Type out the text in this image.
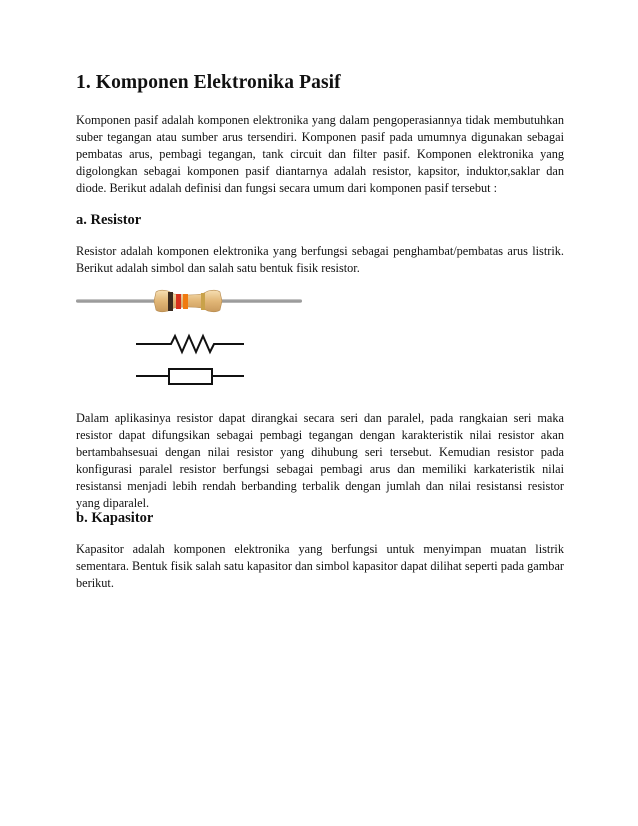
1. Komponen Elektronika Pasif

Komponen pasif adalah komponen elektronika yang dalam pengoperasiannya tidak membutuhkan suber tegangan atau sumber arus tersendiri. Komponen pasif pada umumnya digunakan sebagai pembatas arus, pembagi tegangan, tank circuit dan filter pasif. Komponen elektronika yang digolongkan sebagai komponen pasif diantarnya adalah resistor, kapsitor, induktor,saklar dan diode. Berikut adalah definisi dan fungsi secara umum dari komponen pasif tersebut :

a. Resistor

Resistor adalah komponen elektronika yang berfungsi sebagai penghambat/pembatas arus listrik. Berikut adalah simbol dan salah satu bentuk fisik resistor.

Dalam aplikasinya resistor dapat dirangkai secara seri dan paralel, pada rangkaian seri maka resistor dapat difungsikan sebagai pembagi tegangan dengan karakteristik nilai resistor akan bertambahsesuai dengan nilai resistor yang dihubung seri tersebut. Kemudian resistor pada konfigurasi paralel resistor berfungsi sebagai pembagi arus dan memiliki karkateristik nilai resistansi menjadi lebih rendah berbanding terbalik dengan jumlah dan nilai resistansi resistor yang diparalel.

b. Kapasitor

Kapasitor adalah komponen elektronika yang berfungsi untuk menyimpan muatan listrik sementara. Bentuk fisik salah satu kapasitor dan simbol kapasitor dapat dilihat seperti pada gambar berikut.
